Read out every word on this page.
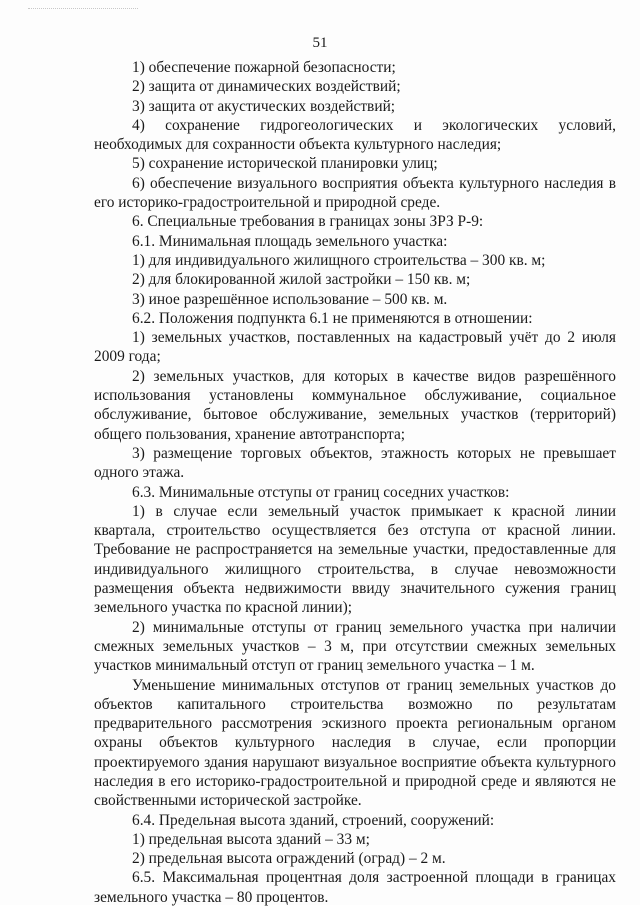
51

1) обеспечение пожарной безопасности;

2) защита от динамических воздействий;

3) защита от акустических воздействий;

4) сохранение гидрогеологических и экологических условий, необходимых для сохранности объекта культурного наследия;

5) сохранение исторической планировки улиц;

6) обеспечение визуального восприятия объекта культурного наследия в его историко-градостроительной и природной среде.

6. Специальные требования в границах зоны ЗРЗ Р-9:

6.1. Минимальная площадь земельного участка:

1) для индивидуального жилищного строительства – 300 кв. м;

2) для блокированной жилой застройки – 150 кв. м;

3) иное разрешённое использование – 500 кв. м.

6.2. Положения подпункта 6.1 не применяются в отношении:

1) земельных участков, поставленных на кадастровый учёт до 2 июля 2009 года;

2) земельных участков, для которых в качестве видов разрешённого использования установлены коммунальное обслуживание, социальное обслуживание, бытовое обслуживание, земельных участков (территорий) общего пользования, хранение автотранспорта;

3) размещение торговых объектов, этажность которых не превышает одного этажа.

6.3. Минимальные отступы от границ соседних участков:

1) в случае если земельный участок примыкает к красной линии квартала, строительство осуществляется без отступа от красной линии. Требование не распространяется на земельные участки, предоставленные для индивидуального жилищного строительства, в случае невозможности размещения объекта недвижимости ввиду значительного сужения границ земельного участка по красной линии);

2) минимальные отступы от границ земельного участка при наличии смежных земельных участков – 3 м, при отсутствии смежных земельных участков минимальный отступ от границ земельного участка – 1 м.

Уменьшение минимальных отступов от границ земельных участков до объектов капитального строительства возможно по результатам предварительного рассмотрения эскизного проекта региональным органом охраны объектов культурного наследия в случае, если пропорции проектируемого здания нарушают визуальное восприятие объекта культурного наследия в его историко-градостроительной и природной среде и являются не свойственными исторической застройке.

6.4. Предельная высота зданий, строений, сооружений:

1) предельная высота зданий – 33 м;

2) предельная высота ограждений (оград) – 2 м.

6.5. Максимальная процентная доля застроенной площади в границах земельного участка – 80 процентов.
